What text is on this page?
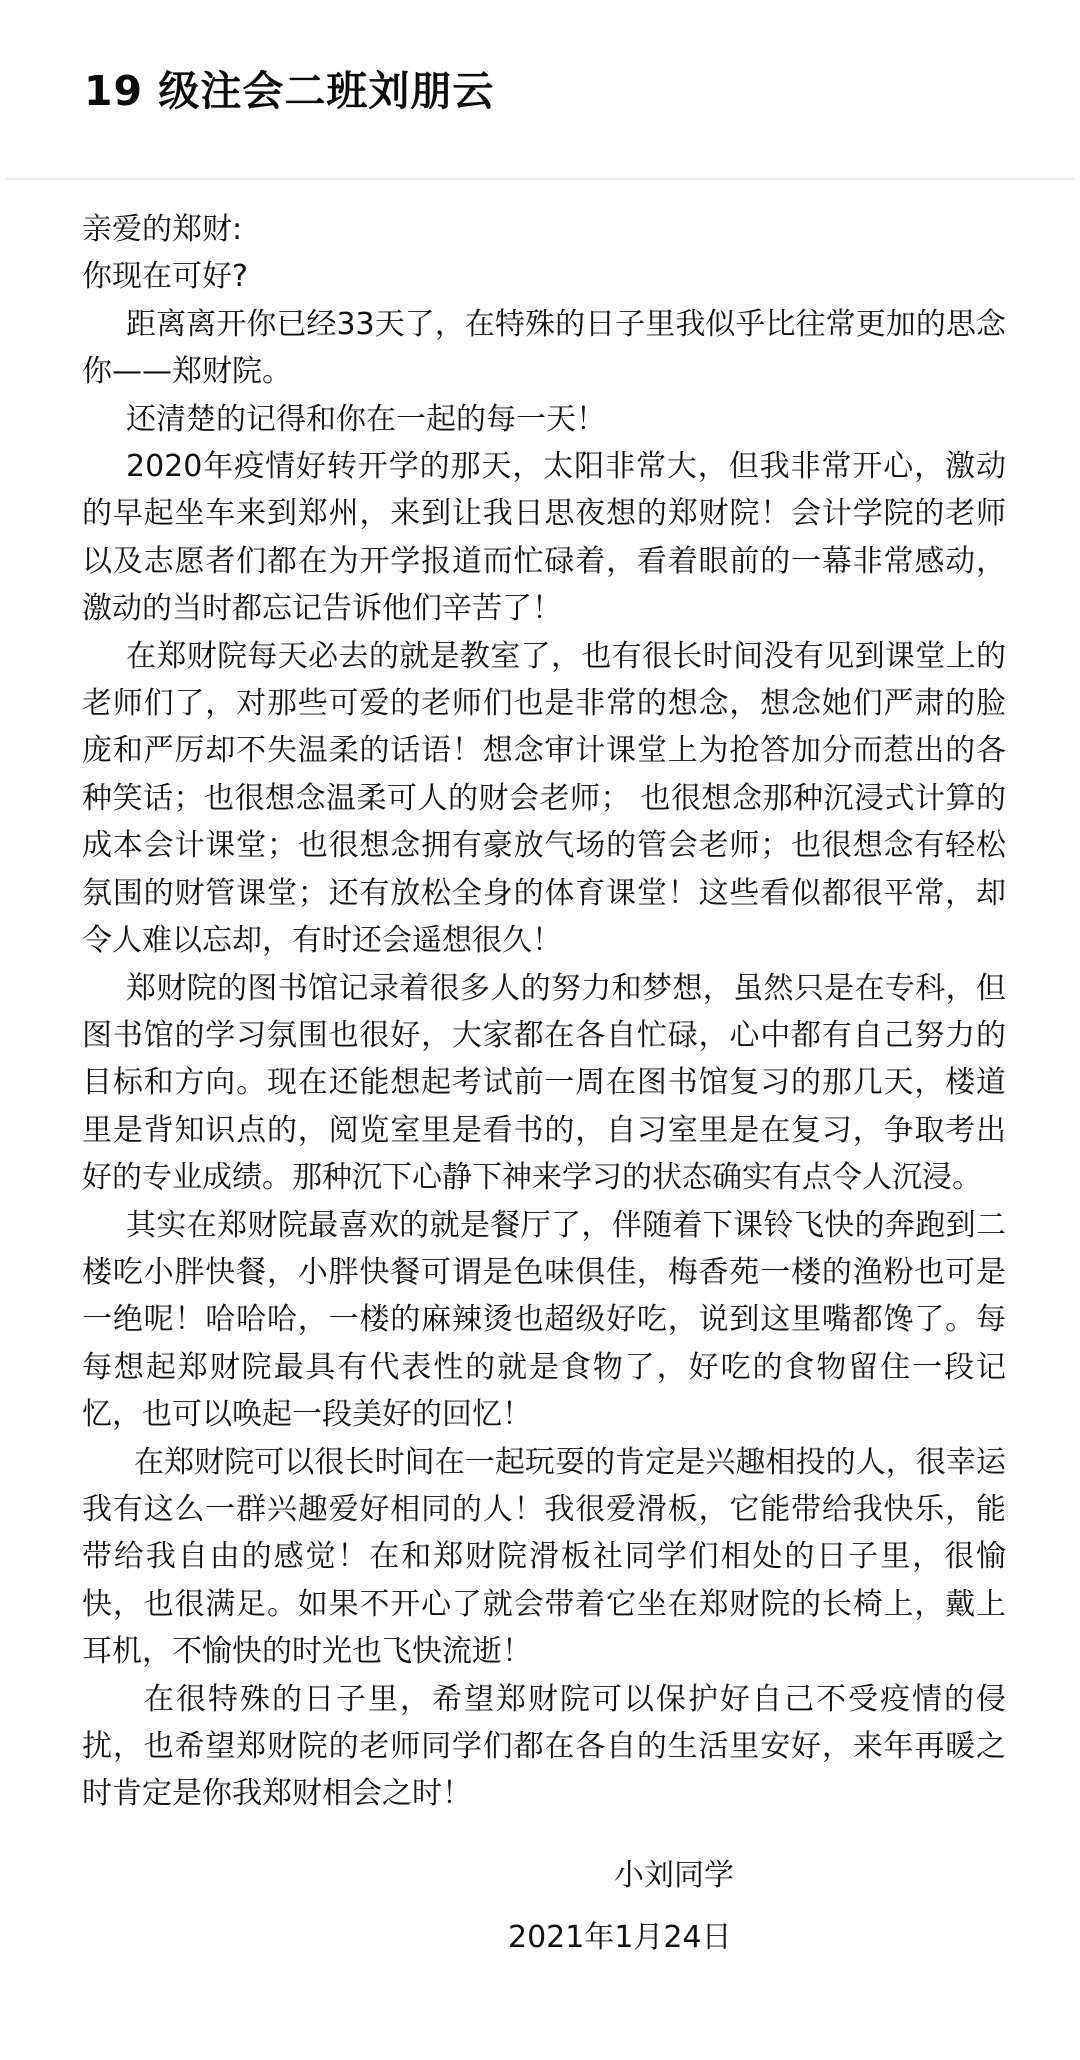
19 级注会二班刘朋云

亲爱的郑财:

你现在可好?

距离离开你已经33天了，在特殊的日子里我似乎比往常更加的思念你——郑财院。

还清楚的记得和你在一起的每一天！

2020年疫情好转开学的那天，太阳非常大，但我非常开心，激动的早起坐车来到郑州，来到让我日思夜想的郑财院！会计学院的老师以及志愿者们都在为开学报道而忙碌着，看着眼前的一幕非常感动，激动的当时都忘记告诉他们辛苦了！

在郑财院每天必去的就是教室了，也有很长时间没有见到课堂上的老师们了，对那些可爱的老师们也是非常的想念，想念她们严肃的脸庞和严厉却不失温柔的话语！想念审计课堂上为抢答加分而惹出的各种笑话；也很想念温柔可人的财会老师； 也很想念那种沉浸式计算的成本会计课堂；也很想念拥有豪放气场的管会老师；也很想念有轻松氛围的财管课堂；还有放松全身的体育课堂！这些看似都很平常，却令人难以忘却，有时还会遥想很久！

郑财院的图书馆记录着很多人的努力和梦想，虽然只是在专科，但图书馆的学习氛围也很好，大家都在各自忙碌，心中都有自己努力的目标和方向。现在还能想起考试前一周在图书馆复习的那几天，楼道里是背知识点的，阅览室里是看书的，自习室里是在复习，争取考出好的专业成绩。那种沉下心静下神来学习的状态确实有点令人沉浸。

其实在郑财院最喜欢的就是餐厅了，伴随着下课铃飞快的奔跑到二楼吃小胖快餐，小胖快餐可谓是色味俱佳，梅香苑一楼的渔粉也可是一绝呢！哈哈哈，一楼的麻辣烫也超级好吃，说到这里嘴都馋了。每每想起郑财院最具有代表性的就是食物了，好吃的食物留住一段记忆，也可以唤起一段美好的回忆！

在郑财院可以很长时间在一起玩耍的肯定是兴趣相投的人，很幸运我有这么一群兴趣爱好相同的人！我很爱滑板，它能带给我快乐，能带给我自由的感觉！在和郑财院滑板社同学们相处的日子里，很愉快，也很满足。如果不开心了就会带着它坐在郑财院的长椅上，戴上耳机，不愉快的时光也飞快流逝！

在很特殊的日子里，希望郑财院可以保护好自己不受疫情的侵扰，也希望郑财院的老师同学们都在各自的生活里安好，来年再暖之时肯定是你我郑财相会之时！

小刘同学
2021年1月24日
